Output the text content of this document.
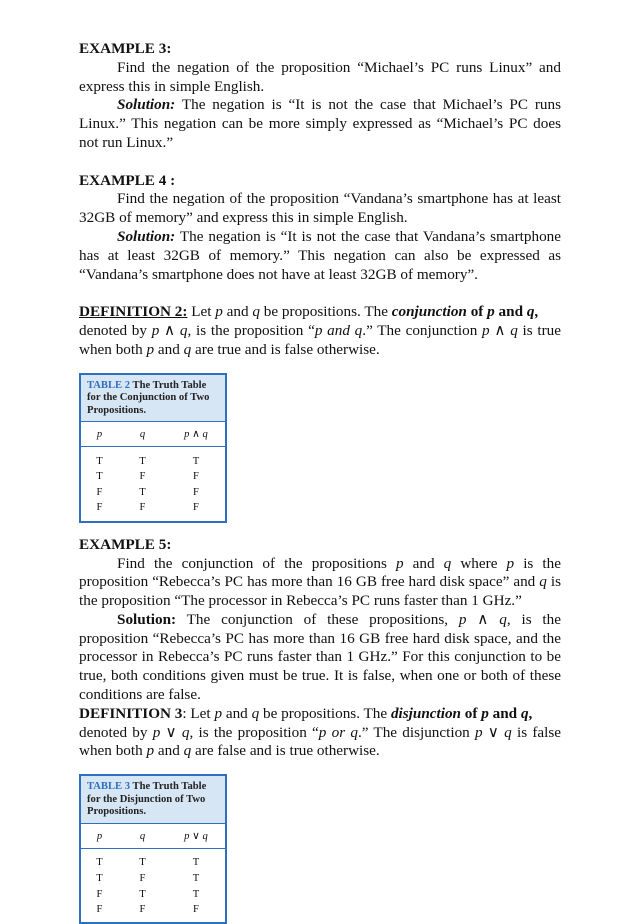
EXAMPLE 3:

Find the negation of the proposition “Michael’s PC runs Linux” and express this in simple English.

Solution: The negation is “It is not the case that Michael’s PC runs Linux.” This negation can be more simply expressed as “Michael’s PC does not run Linux.”

EXAMPLE 4 :

Find the negation of the proposition “Vandana’s smartphone has at least 32GB of memory” and express this in simple English.

Solution: The negation is “It is not the case that Vandana’s smartphone has at least 32GB of memory.” This negation can also be expressed as “Vandana’s smartphone does not have at least 32GB of memory”.

DEFINITION 2: Let p and q be propositions. The conjunction of p and q,
denoted by p ∧ q, is the proposition “p and q.” The conjunction p ∧ q is true when both p and q are true and is false otherwise.

TABLE 2 The Truth Table for the Conjunction of Two Propositions.
p	q	p ∧ q
T	T	T
T	F	F
F	T	F
F	F	F

EXAMPLE 5:

Find the conjunction of the propositions p and q where p is the proposition “Rebecca’s PC has more than 16 GB free hard disk space” and q is the proposition “The processor in Rebecca’s PC runs faster than 1 GHz.”

Solution: The conjunction of these propositions, p ∧ q, is the proposition “Rebecca’s PC has more than 16 GB free hard disk space, and the processor in Rebecca’s PC runs faster than 1 GHz.” For this conjunction to be true, both conditions given must be true. It is false, when one or both of these conditions are false.

DEFINITION 3: Let p and q be propositions. The disjunction of p and q,
denoted by p ∨ q, is the proposition “p or q.” The disjunction p ∨ q is false when both p and q are false and is true otherwise.

TABLE 3 The Truth Table for the Disjunction of Two Propositions.
p	q	p ∨ q
T	T	T
T	F	T
F	T	T
F	F	F
